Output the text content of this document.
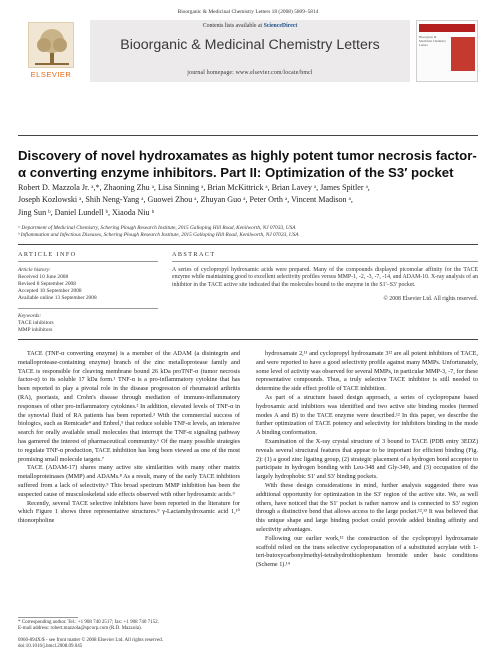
Bioorganic & Medicinal Chemistry Letters 18 (2008) 5809–5814
ELSEVIER
Contents lists available at ScienceDirect
Bioorganic & Medicinal Chemistry Letters
journal homepage: www.elsevier.com/locate/bmcl
Bioorganic & Medicinal Chemistry Letters
Discovery of novel hydroxamates as highly potent tumor necrosis factor-α converting enzyme inhibitors. Part II: Optimization of the S3′ pocket
Robert D. Mazzola Jr. ᵃ,*, Zhaoning Zhu ᵃ, Lisa Sinning ᵃ, Brian McKittrick ᵃ, Brian Lavey ᵃ, James Spitler ᵃ,
Joseph Kozlowski ᵃ, Shih Neng-Yang ᵃ, Guowei Zhou ᵃ, Zhuyan Guo ᵃ, Peter Orth ᵃ, Vincent Madison ᵃ,
Jing Sun ᵇ, Daniel Lundell ᵇ, Xiaoda Niu ᵇ
ᵃ Department of Medicinal Chemistry, Schering Plough Research Institute, 2015 Galloping Hill Road, Kenilworth, NJ 07033, USA
ᵇ Inflammation and Infectious Diseases, Schering Plough Research Institute, 2015 Galloping Hill Road, Kenilworth, NJ 07033, USA
ARTICLE INFO	ABSTRACT
Article history:
Received 10 June 2008
Revised 8 September 2008
Accepted 10 September 2008
Available online 13 September 2008
Keywords:
TACE inhibitors
MMP inhibitors
A series of cyclopropyl hydroxamic acids were prepared. Many of the compounds displayed picomolar affinity for the TACE enzyme while maintaining good to excellent selectivity profiles versus MMP-1, -2, -3, -7, -14, and ADAM-10. X-ray analysis of an inhibitor in the TACE active site indicated that the molecules bound to the enzyme in the S1′–S3′ pocket.
© 2008 Elsevier Ltd. All rights reserved.

TACE (TNF-α converting enzyme) is a member of the ADAM (a disintegrin and metalloprotease-containing enzyme) branch of the zinc metalloprotease family and TACE is responsible for cleaving membrane bound 26 kDa proTNF-α (tumor necrosis factor-α) to its soluble 17 kDa form.¹ TNF-α is a pro-inflammatory cytokine that has been reported to play a pivotal role in the disease progression of rheumatoid arthritis (RA), psoriasis, and Crohn's disease through mediation of immuno-inflammatory responses of other pro-inflammatory cytokines.² In addition, elevated levels of TNF-α in the synovial fluid of RA patients has been reported.³ With the commercial success of biologics, such as Remicade⁴ and Enbrel,⁵ that reduce soluble TNF-α levels, an intensive search for orally available small molecules that interrupt the TNF-α signaling pathway has garnered the interest of pharmaceutical community.⁶ Of the many possible strategies to regulate TNF-α production, TACE inhibition has long been viewed as one of the most promising small molecule targets.⁷

TACE (ADAM-17) shares many active site similarities with many other matrix metalloproteinases (MMP) and ADAMs.⁸ As a result, many of the early TACE inhibitors suffered from a lack of selectivity.⁹ This broad spectrum MMP inhibition has been the suspected cause of musculoskeletal side effects observed with other hydroxamic acids.⁹

Recently, several TACE selective inhibitors have been reported in the literature for which Figure 1 shows three representative structures.⁹ γ-Lactamhydroxamic acid 1,¹⁰ thionorpholine

hydroxamate 2,¹¹ and cyclopropyl hydroxamate 3¹² are all potent inhibitors of TACE, and were reported to have a good selectivity profile against many MMPs. Unfortunately, some level of activity was observed for several MMPs, in particular MMP-3, -7, for these representative compounds. Thus, a truly selective TACE inhibitor is still needed to determine the side effect profile of TACE inhibition.

As part of a structure based design approach, a series of cyclopropane based hydroxamic acid inhibitors was identified and two active site binding modes (termed modes A and B) to the TACE enzyme were described.¹² In this paper, we describe the further optimization of TACE potency and selectivity for inhibitors binding in the mode A binding conformation.

Examination of the X-ray crystal structure of 3 bound to TACE (PDB entry 3EDZ) reveals several structural features that appear to be important for efficient binding (Fig. 2): (1) a good zinc ligating group, (2) strategic placement of a hydrogen bond acceptor to participate in hydrogen bonding with Leu-348 and Gly-349, and (3) occupation of the largely hydrophobic S1′ and S3′ binding pockets.

With these design considerations in mind, further analysis suggested there was additional opportunity for optimization in the S3′ region of the active site. We, as well others, have noticed that the S1′ pocket is rather narrow and is connected to S3′ region through a distinctive bend that allows access to the large pocket.¹²,¹³ It was believed that this unique shape and large binding pocket could provide added binding affinity and selectivity advantages.

Following our earlier work,¹² the construction of the cyclopropyl hydroxamate scaffold relied on the trans selective cyclopropanation of a substituted acrylate with 1-tert-butoxycarbonylmethyl-tetrahydrothiophenium bromide under basic conditions (Scheme 1).¹⁴

* Corresponding author. Tel.: +1 908 740 2517; fax: +1 908 740 7152.
E-mail address: robert.mazzola@spcorp.com (R.D. Mazzola).
0960-894X/$ - see front matter © 2008 Elsevier Ltd. All rights reserved.
doi:10.1016/j.bmcl.2008.09.045
